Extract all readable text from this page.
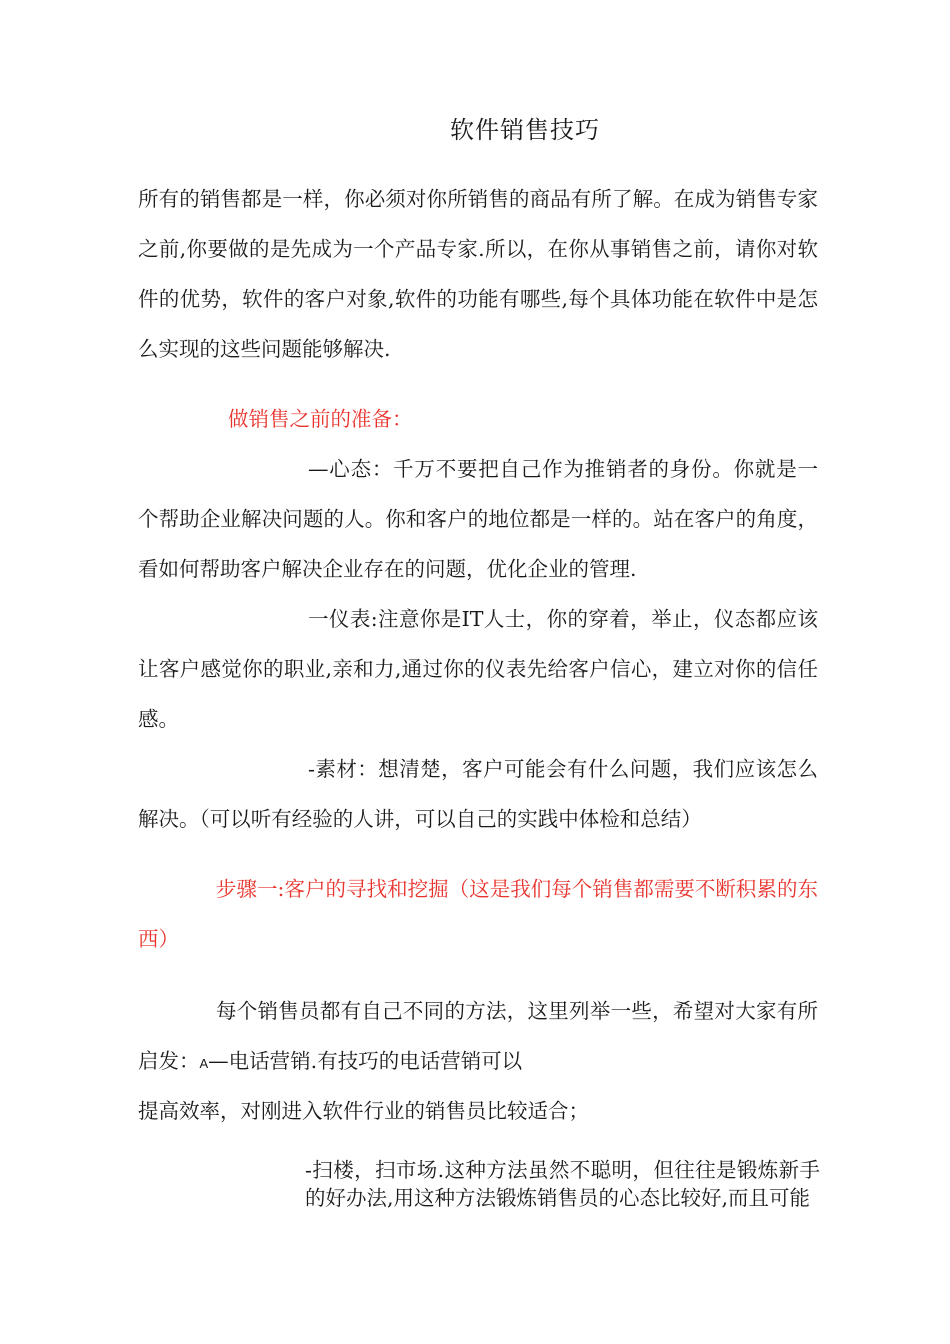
软件销售技巧
所有的销售都是一样，你必须对你所销售的商品有所了解。在成为销售专家之前,你要做的是先成为一个产品专家.所以，在你从事销售之前，请你对软件的优势，软件的客户对象,软件的功能有哪些,每个具体功能在软件中是怎么实现的这些问题能够解决.
做销售之前的准备：
—心态：千万不要把自己作为推销者的身份。你就是一个帮助企业解决问题的人。你和客户的地位都是一样的。站在客户的角度，看如何帮助客户解决企业存在的问题，优化企业的管理.
一仪表:注意你是IT人士，你的穿着，举止，仪态都应该让客户感觉你的职业,亲和力,通过你的仪表先给客户信心，建立对你的信任感。
-素材：想清楚，客户可能会有什么问题，我们应该怎么解决。（可以听有经验的人讲，可以自己的实践中体检和总结）
步骤一:客户的寻找和挖掘（这是我们每个销售都需要不断积累的东西）
每个销售员都有自己不同的方法，这里列举一些，希望对大家有所启发：A—电话营销.有技巧的电话营销可以
提高效率，对刚进入软件行业的销售员比较适合；
-扫楼，扫市场.这种方法虽然不聪明，但往往是锻炼新手的好办法,用这种方法锻炼销售员的心态比较好,而且可能
